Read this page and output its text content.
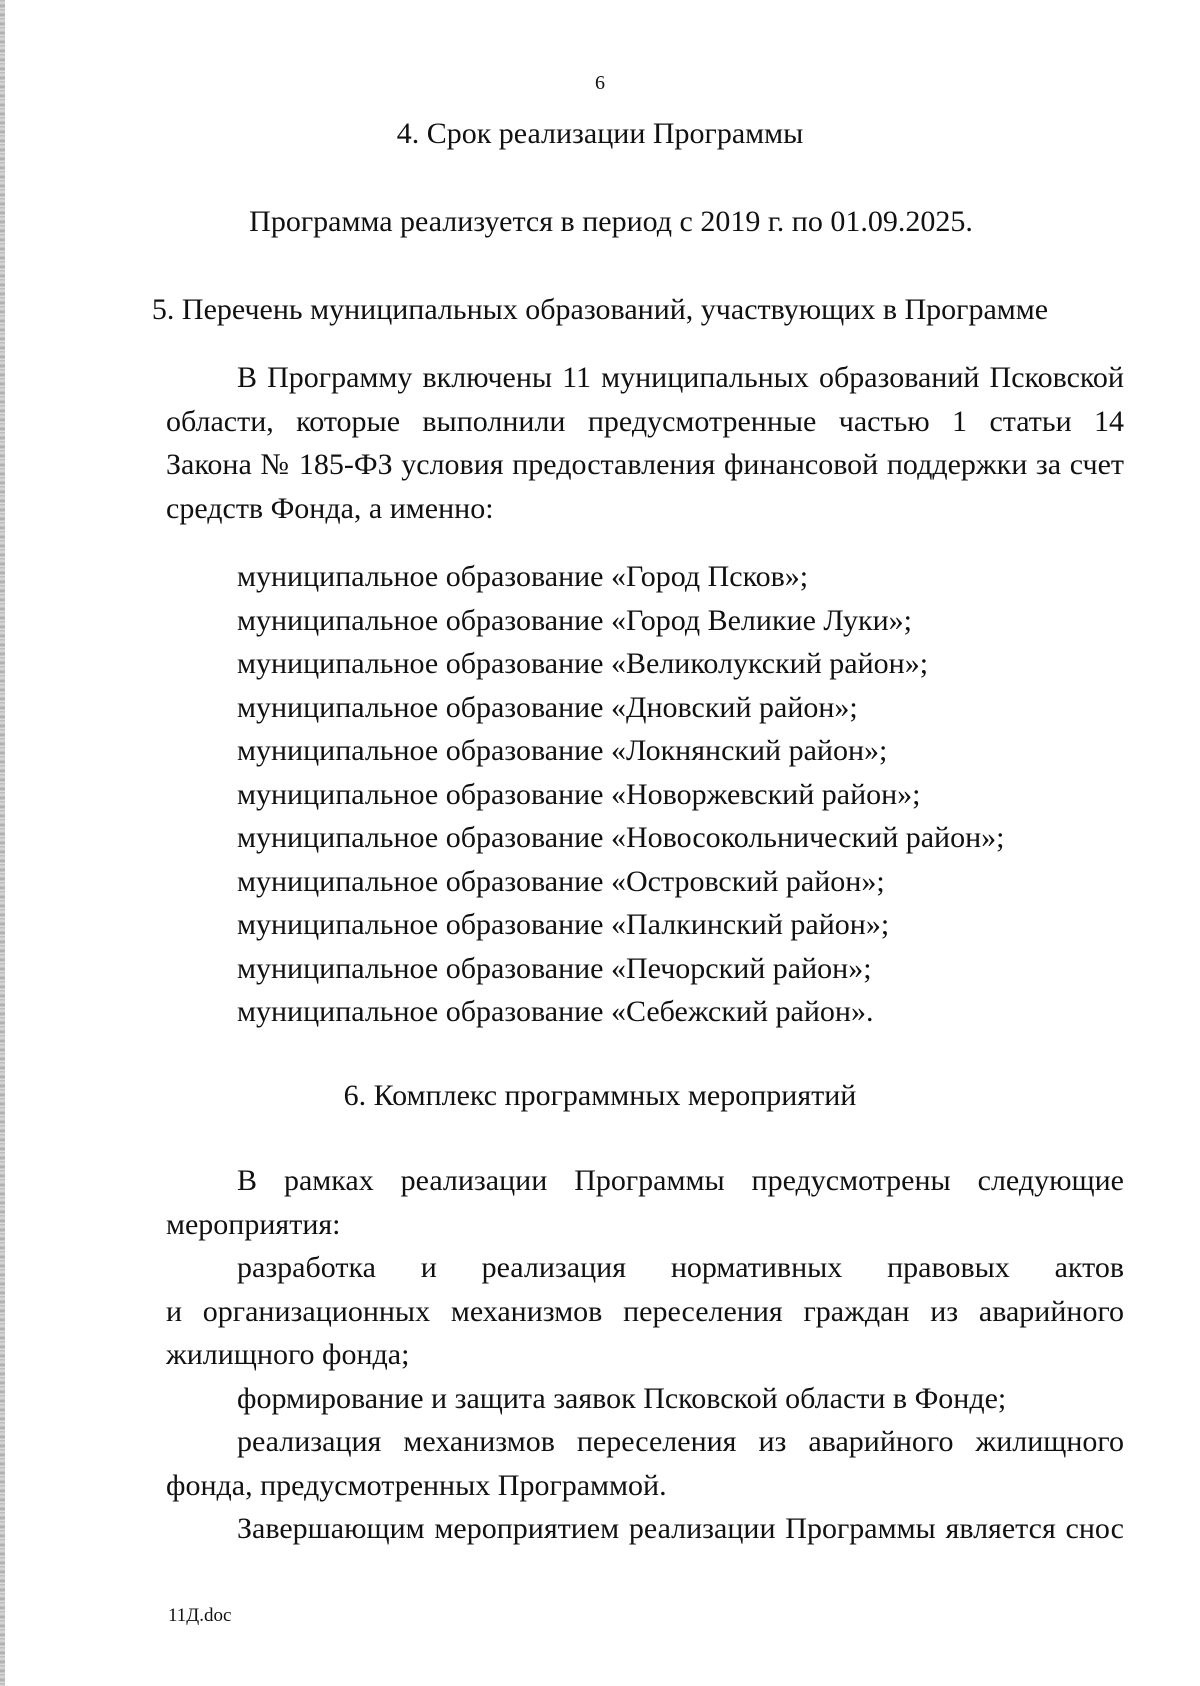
6
4. Срок реализации Программы
Программа реализуется в период с 2019 г. по 01.09.2025.
5. Перечень муниципальных образований, участвующих в Программе
В Программу включены 11 муниципальных образований Псковской
области, которые выполнили предусмотренные частью 1 статьи 14
Закона № 185-ФЗ условия предоставления финансовой поддержки за счет
средств Фонда, а именно:
муниципальное образование «Город Псков»;
муниципальное образование «Город Великие Луки»;
муниципальное образование «Великолукский район»;
муниципальное образование «Дновский район»;
муниципальное образование «Локнянский район»;
муниципальное образование «Новоржевский район»;
муниципальное образование «Новосокольнический район»;
муниципальное образование «Островский район»;
муниципальное образование «Палкинский район»;
муниципальное образование «Печорский район»;
муниципальное образование «Себежский район».
6. Комплекс программных мероприятий
В рамках реализации Программы предусмотрены следующие
мероприятия:
разработка и реализация нормативных правовых актов
и организационных механизмов переселения граждан из аварийного
жилищного фонда;
формирование и защита заявок Псковской области в Фонде;
реализация механизмов переселения из аварийного жилищного
фонда, предусмотренных Программой.
Завершающим мероприятием реализации Программы является снос
11Д.doc
